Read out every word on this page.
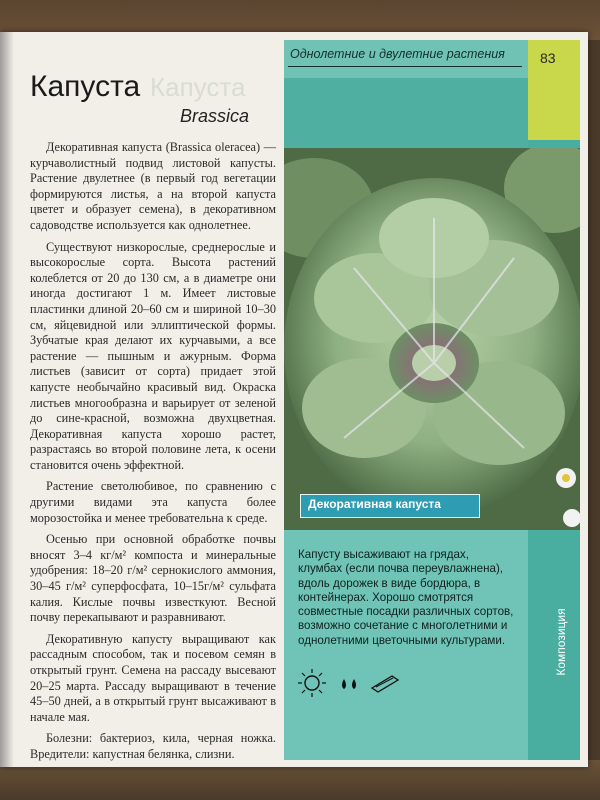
Капуста
Капуста
Brassica

Декоративная капуста (Brassica oleracea) — курчаволистный подвид листовой капусты. Растение двулетнее (в первый год вегетации формируются листья, а на второй капуста цветет и образует семена), в декоративном садоводстве используется как однолетнее.

Существуют низкорослые, среднерослые и высокорослые сорта. Высота растений колеблется от 20 до 130 см, а в диаметре они иногда достигают 1 м. Имеет листовые пластинки длиной 20–60 см и шириной 10–30 см, яйцевидной или эллиптической формы. Зубчатые края делают их курчавыми, а все растение — пышным и ажурным. Форма листьев (зависит от сорта) придает этой капусте необычайно красивый вид. Окраска листьев многообразна и варьирует от зеленой до сине-красной, возможна двухцветная. Декоративная капуста хорошо растет, разрастаясь во второй половине лета, к осени становится очень эффектной.

Растение светолюбивое, по сравнению с другими видами эта капуста более морозостойка и менее требовательна к среде.

Осенью при основной обработке почвы вносят 3–4 кг/м² компоста и минеральные удобрения: 18–20 г/м² сернокислого аммония, 30–45 г/м² суперфосфата, 10–15г/м² сульфата калия. Кислые почвы известкуют. Весной почву перекапывают и разравнивают.

Декоративную капусту выращивают как рассадным способом, так и посевом семян в открытый грунт. Семена на рассаду высевают 20–25 марта. Рассаду выращивают в течение 45–50 дней, а в открытый грунт высаживают в начале мая.

Болезни: бактериоз, кила, черная ножка. Вредители: капустная белянка, слизни.

Однолетние и двулетние растения	83
Декоративная капуста
Капусту высаживают на грядах, клумбах (если почва переувлажнена), вдоль дорожек в виде бордюра, в контейнерах. Хорошо смотрятся совместные посадки различных сортов, возможно сочетание с многолетними и однолетними цветочными культурами.	Композиция
